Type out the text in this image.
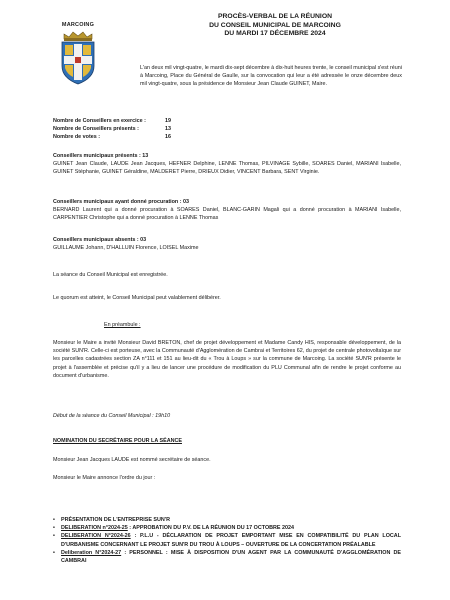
MARCOING
PROCÈS-VERBAL DE LA RÉUNION
DU CONSEIL MUNICIPAL DE MARCOING
DU MARDI 17 DÉCEMBRE 2024
L'an deux mil vingt-quatre, le mardi dix-sept décembre à dix-huit heures trente, le conseil municipal s'est réuni à Marcoing, Place du Général de Gaulle, sur la convocation qui leur a été adressée le onze décembre deux mil vingt-quatre, sous la présidence de Monsieur Jean Claude GUINET, Maire.
Nombre de Conseillers en exercice :	19
Nombre de Conseillers présents :	13
Nombre de votes :	16
Conseillers municipaux présents : 13
GUINET Jean Claude, LAUDE Jean Jacques, HEFNER Delphine, LENNE Thomas, PILVINAGE Sybille, SOARES Daniel, MARIANI Isabelle, GUINET Stéphanie, GUINET Géraldine, MALDERET Pierre, DRIEUX Didier, VINCENT Barbara, SENT Virginie.
Conseillers municipaux ayant donné procuration : 03
BERNARD Laurent qui a donné procuration à SOARES Daniel, BLANC-GARIN Magali qui a donné procuration à MARIANI Isabelle, CARPENTIER Christophe qui a donné procuration à LENNE Thomas
Conseillers municipaux absents : 03
GUILLAUME Johann, D'HALLUIN Florence, LOISEL Maxime
La séance du Conseil Municipal est enregistrée.
Le quorum est atteint, le Conseil Municipal peut valablement délibérer.
En préambule :
Monsieur le Maire a invité Monsieur David BRETON, chef de projet développement et Madame Candy HIS, responsable développement, de la société SUN'R. Celle-ci est porteuse, avec la Communauté d'Agglomération de Cambrai et Territoires 62, du projet de centrale photovoltaïque sur les parcelles cadastrées section ZA n°111 et 151 au lieu-dit du « Trou à Loups » sur la commune de Marcoing. La société SUN'R présente le projet à l'assemblée et précise qu'il y a lieu de lancer une procédure de modification du PLU Communal afin de rendre le projet conforme au document d'urbanisme.
Début de la séance du Conseil Municipal : 19h10
NOMINATION DU SECRÉTAIRE POUR LA SÉANCE
Monsieur Jean Jacques LAUDE est nommé secrétaire de séance.
Monsieur le Maire annonce l'ordre du jour :
• PRÉSENTATION DE L'ENTREPRISE SUN'R
• DELIBERATION n°2024-25 : APPROBATION DU P.V. DE LA RÉUNION DU 17 OCTOBRE 2024
• DELIBERATION N°2024-26 : P.L.U - DÉCLARATION DE PROJET EMPORTANT MISE EN COMPATIBILITÉ DU PLAN LOCAL D'URBANISME CONCERNANT LE PROJET SUN'R DU TROU À LOUPS – OUVERTURE DE LA CONCERTATION PRÉALABLE
• Deliberation N°2024-27 : PERSONNEL : MISE À DISPOSITION D'UN AGENT PAR LA COMMUNAUTÉ D'AGGLOMÉRATION DE CAMBRAI
